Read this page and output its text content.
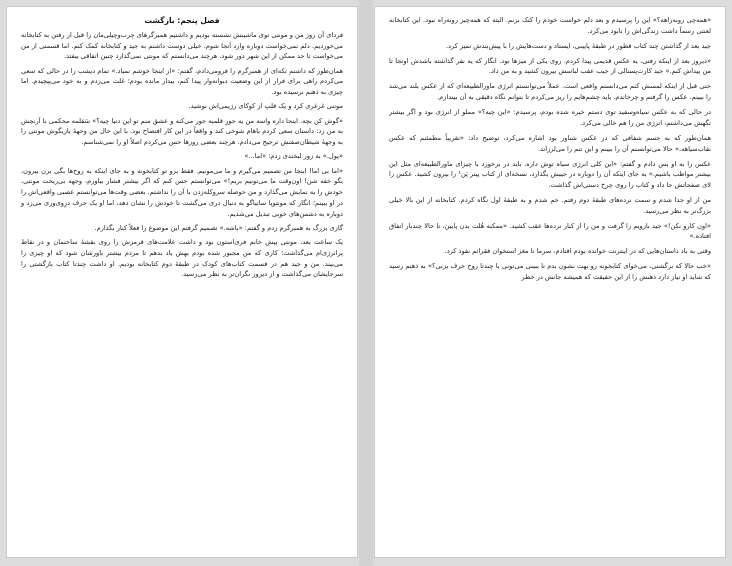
فصل پنجم: بازگشت

فردای آن روز من و مونتی توی ماشینش نشسته بودیم و داشتیم همبرگرهای چرب‌وچیلی‌مان را قبل از رفتن به کتابخانه می‌خوردیم. دلم نمی‌خواست دوباره وارد آنجا شوم. خیلی دوست داشتم به جید و کتابخانه کمک کنم. اما قسمتی از من می‌خواست تا حد ممکن از این شهر دور شود. هرچند می‌دانستم که مونتی نمی‌گذارد چنین اتفاقی بیفتد.

همان‌طور که داشتم تکه‌ای از همبرگرم را فرومی‌دادم، گفتم: «از اینجا خوشم نمیاد.» تمام دیشب را در حالی که سعی می‌کردم راهی برای فرار از این وضعیت دیوانه‌وار پیدا کنم، بیدار مانده بودم؛ غلت می‌زدم و به خود می‌پیچیدم. اما چیزی به ذهنم نرسیده بود.

مونتی غرغری کرد و یک قلپ از کوکای رژیمی‌اش نوشید.

«گوش کن بچه. اینجا داره واسه من یه جورِ قلمبه جور می‌کنه و عشق منم تو این دنیا چیه؟» سَقلمه محکمی با آرنجش به من زد: داستان سعی کردم باهام شوخی کند و واقعاً در این کار افتضاح بود. با این حال من وجههٔ بازیگوش مونتی را به وجههٔ شیطان‌صفتش ترجیح می‌دادم. هرچند بعضی روزها حس می‌کردم اصلاً او را نمی‌شناسم.

«پول.» به زور لبخندی زدم: «اما...»

«اما بی اما! اینجا من تصمیم می‌گیرم و ما می‌مونیم. فقط برو تو کتابخونه و به جای اینکه به روح‌ها بگی برن بیرون، بگو خفه شن! اون‌وقت ما می‌تونیم بریم!» می‌توانستم حس کنم که اگر بیشتر فشار بیاورم، وجهه بی‌ریخت مونتی، خودش را به نمایش می‌گذارد و من حوصله سروکله‌زدن با آن را نداشتم. بعضی وقت‌ها می‌توانستم عصبی واقعی‌اش را در او ببینم؛ انگار که مونتوپا ساتیاگو به دنبال دری می‌گشت تا خودش را نشان دهد، اما او یک حرف درِوی‌وری می‌زد و دوباره به دشمن‌های خوبی تبدیل می‌شدیم.

گازی بزرگ به همبرگرم زدم و گفتم: «باشه.» تصمیم گرفتم این موضوع را فعلاً کنار بگذارم.

یک ساعت بعد، مونتی پیش خانم فری‌استون بود و داشت علامت‌های قرمزش را روی نقشهٔ ساختمان و در نقاط پرانرژی‌ام می‌گذاشت؛ کاری که من مجبور شده بودم بهش یاد بدهم تا مردم بیشتر باورشان شود که او چیزی را می‌بیند. من و جید هم در قسمت کتاب‌های کودک در طبقهٔ دوم کتابخانه بودیم. او داشت چندتا کتاب بازگشتی را سرجایشان می‌گذاشت و از دیروز نگران‌تر به نظر می‌رسید.

«همه‌چی روبه‌راهه؟» این را پرسیدم و بعد دلم خواست خودم را کتک بزنم. البته که همه‌چیز روبه‌راه نبود. این کتابخانه لعنتی رسماً داشت زندگی‌اش را نابود می‌کرد.

جید بعد از گذاشتن چند کتاب قطور در طبقهٔ پایینی، ایستاد و دست‌هایش را با پیش‌بندش تمیز کرد.

«دیروز بعد از اینکه رفتی، یه عکس قدیمی پیدا کردم. روی یکی از میزها بود. انگار که یه نفر گذاشته باشدش اونجا تا من پیداش کنم.» جید کارت‌پستالی از جیب عقب لباسش بیرون کشید و به من داد.

حتی قبل از اینکه لمسش کنم می‌دانستم واقعی است. عملاً می‌توانستم انرژی ماورالطبیعه‌ای که از عکس بلند می‌شد را ببینم. عکس را گرفتم و چرخاندم. باید چشم‌هایم را ریز می‌کردم تا بتوانم نگاه دقیقی به آن بیندازم.

در حالی که به عکس سیاه‌وسفید توی دستم خیره شده بودم، پرسیدم: «این چیه؟» مملو از انرژی بود و اگر بیشتر نگهش می‌داشتم، انرژی من را هم خالی می‌کرد.

همان‌طور که به جسم شفافی که در عکس شناور بود اشاره می‌کرد، توضیح داد: «تقریباً مطمئنم که عکس نقاب‌سیاهه.» حالا می‌توانستم آن را ببینم و این تنم را می‌لرزاند.

عکس را به او پس دادم و گفتم: «این کلی انرژی سیاه توش داره. باید در برخورد با چیزای ماورالطبیعه‌ای مثل این بیشتر مواظب باشیم.» به جای اینکه آن را دوباره در جیبش بگذارد، نسخه‌ای از کتاب پیتر پَن¹ را بیرون کشید. عکس را لای صفحاتش جا داد و کتاب را روی چرخ دستی‌اش گذاشت.

من از او جدا شدم و سمت نرده‌های طبقهٔ دوم رفتم. خم شدم و به طبقهٔ اول نگاه کردم. کتابخانه از این بالا خیلی بزرگ‌تر به نظر می‌رسید.

«اون کارو نکن!» جید بازویم را گرفت و من را از کنار نرده‌ها عقب کشید. «ممکنه هُلت بدن پایین، تا حالا چندبار اتفاق افتاده.»

وقتی به یاد داستان‌هایی که در اینترنت خوانده بودم افتادم، سرما تا مغز استخوان فقراتم نفوذ کرد.

«خب حالا که برگشتی، می‌خوای کتابخونه رو بهت نشون بدم تا ببینی می‌تونی با چندتا روح حرف بزنی؟» به ذهنم رسید که شاید او نیاز دارد ذهنش را از این حقیقت که همیشه جانش در خطر
